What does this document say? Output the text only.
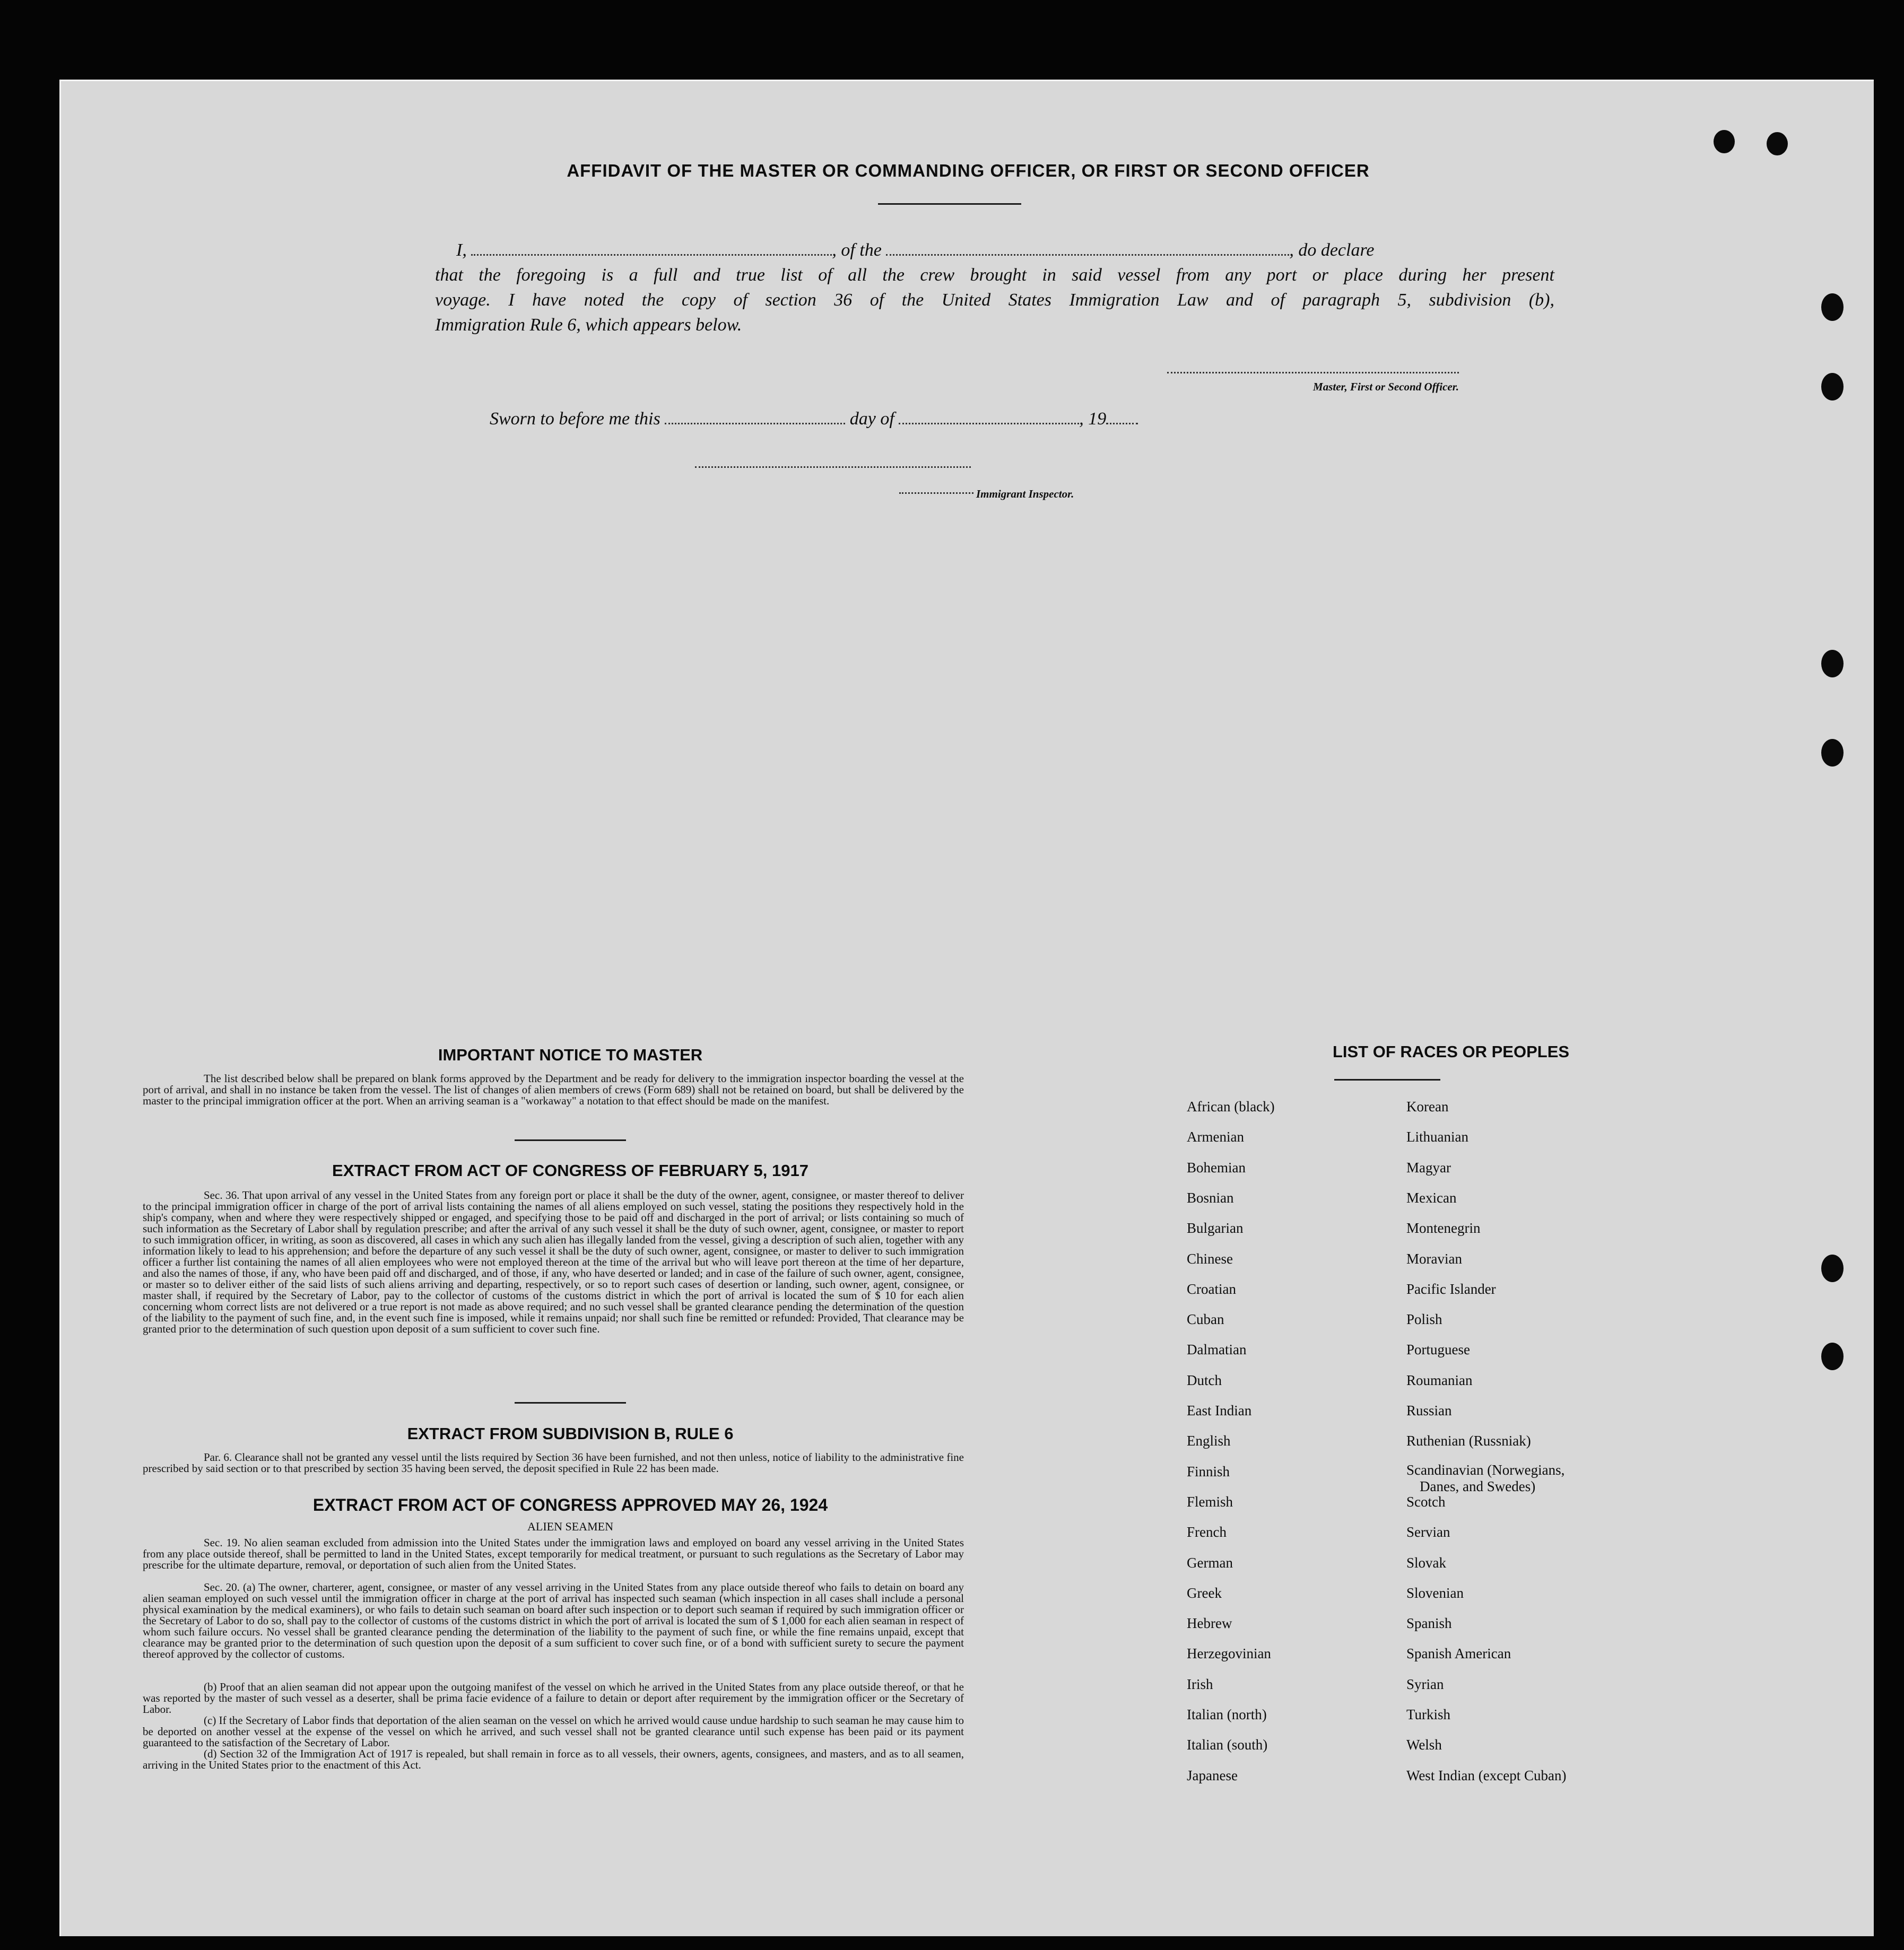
AFFIDAVIT OF THE MASTER OR COMMANDING OFFICER, OR FIRST OR SECOND OFFICER
I,	, of the	, do declare
that the foregoing is a full and true list of all the crew brought in said vessel from any port or place during her present
voyage. I have noted the copy of section 36 of the United States Immigration Law and of paragraph 5, subdivision (b),
Immigration Rule 6, which appears below.
Master, First or Second Officer.
Sworn to before me this	day of	, 19
Immigrant Inspector.
IMPORTANT NOTICE TO MASTER
The list described below shall be prepared on blank forms approved by the Department and be ready for delivery to the immigration inspector boarding the vessel at the port of arrival, and shall in no instance be taken from the vessel. The list of changes of alien members of crews (Form 689) shall not be retained on board, but shall be delivered by the master to the principal immigration officer at the port. When an arriving seaman is a "workaway" a notation to that effect should be made on the manifest.
EXTRACT FROM ACT OF CONGRESS OF FEBRUARY 5, 1917
Sec. 36. That upon arrival of any vessel in the United States from any foreign port or place it shall be the duty of the owner, agent, consignee, or master thereof to deliver to the principal immigration officer in charge of the port of arrival lists containing the names of all aliens employed on such vessel, stating the positions they respectively hold in the ship's company, when and where they were respectively shipped or engaged, and specifying those to be paid off and discharged in the port of arrival; or lists containing so much of such information as the Secretary of Labor shall by regulation prescribe; and after the arrival of any such vessel it shall be the duty of such owner, agent, consignee, or master to report to such immigration officer, in writing, as soon as discovered, all cases in which any such alien has illegally landed from the vessel, giving a description of such alien, together with any information likely to lead to his apprehension; and before the departure of any such vessel it shall be the duty of such owner, agent, consignee, or master to deliver to such immigration officer a further list containing the names of all alien employees who were not employed thereon at the time of the arrival but who will leave port thereon at the time of her departure, and also the names of those, if any, who have been paid off and discharged, and of those, if any, who have deserted or landed; and in case of the failure of such owner, agent, consignee, or master so to deliver either of the said lists of such aliens arriving and departing, respectively, or so to report such cases of desertion or landing, such owner, agent, consignee, or master shall, if required by the Secretary of Labor, pay to the collector of customs of the customs district in which the port of arrival is located the sum of $ 10 for each alien concerning whom correct lists are not delivered or a true report is not made as above required; and no such vessel shall be granted clearance pending the determination of the question of the liability to the payment of such fine, and, in the event such fine is imposed, while it remains unpaid; nor shall such fine be remitted or refunded: Provided, That clearance may be granted prior to the determination of such question upon deposit of a sum sufficient to cover such fine.
EXTRACT FROM SUBDIVISION B, RULE 6
Par. 6. Clearance shall not be granted any vessel until the lists required by Section 36 have been furnished, and not then unless, notice of liability to the administrative fine prescribed by said section or to that prescribed by section 35 having been served, the deposit specified in Rule 22 has been made.
EXTRACT FROM ACT OF CONGRESS APPROVED MAY 26, 1924
ALIEN SEAMEN
Sec. 19. No alien seaman excluded from admission into the United States under the immigration laws and employed on board any vessel arriving in the United States from any place outside thereof, shall be permitted to land in the United States, except temporarily for medical treatment, or pursuant to such regulations as the Secretary of Labor may prescribe for the ultimate departure, removal, or deportation of such alien from the United States.
Sec. 20. (a) The owner, charterer, agent, consignee, or master of any vessel arriving in the United States from any place outside thereof who fails to detain on board any alien seaman employed on such vessel until the immigration officer in charge at the port of arrival has inspected such seaman (which inspection in all cases shall include a personal physical examination by the medical examiners), or who fails to detain such seaman on board after such inspection or to deport such seaman if required by such immigration officer or the Secretary of Labor to do so, shall pay to the collector of customs of the customs district in which the port of arrival is located the sum of $ 1,000 for each alien seaman in respect of whom such failure occurs. No vessel shall be granted clearance pending the determination of the liability to the payment of such fine, or while the fine remains unpaid, except that clearance may be granted prior to the determination of such question upon the deposit of a sum sufficient to cover such fine, or of a bond with sufficient surety to secure the payment thereof approved by the collector of customs.
(b) Proof that an alien seaman did not appear upon the outgoing manifest of the vessel on which he arrived in the United States from any place outside thereof, or that he was reported by the master of such vessel as a deserter, shall be prima facie evidence of a failure to detain or deport after requirement by the immigration officer or the Secretary of Labor.
(c) If the Secretary of Labor finds that deportation of the alien seaman on the vessel on which he arrived would cause undue hardship to such seaman he may cause him to be deported on another vessel at the expense of the vessel on which he arrived, and such vessel shall not be granted clearance until such expense has been paid or its payment guaranteed to the satisfaction of the Secretary of Labor.
(d) Section 32 of the Immigration Act of 1917 is repealed, but shall remain in force as to all vessels, their owners, agents, consignees, and masters, and as to all seamen, arriving in the United States prior to the enactment of this Act.
LIST OF RACES OR PEOPLES
African (black)
Armenian
Bohemian
Bosnian
Bulgarian
Chinese
Croatian
Cuban
Dalmatian
Dutch
East Indian
English
Finnish
Flemish
French
German
Greek
Hebrew
Herzegovinian
Irish
Italian (north)
Italian (south)
Japanese
Korean
Lithuanian
Magyar
Mexican
Montenegrin
Moravian
Pacific Islander
Polish
Portuguese
Roumanian
Russian
Ruthenian (Russniak)
Scandinavian (Norwegians,
Danes, and Swedes)
Scotch
Servian
Slovak
Slovenian
Spanish
Spanish American
Syrian
Turkish
Welsh
West Indian (except Cuban)
